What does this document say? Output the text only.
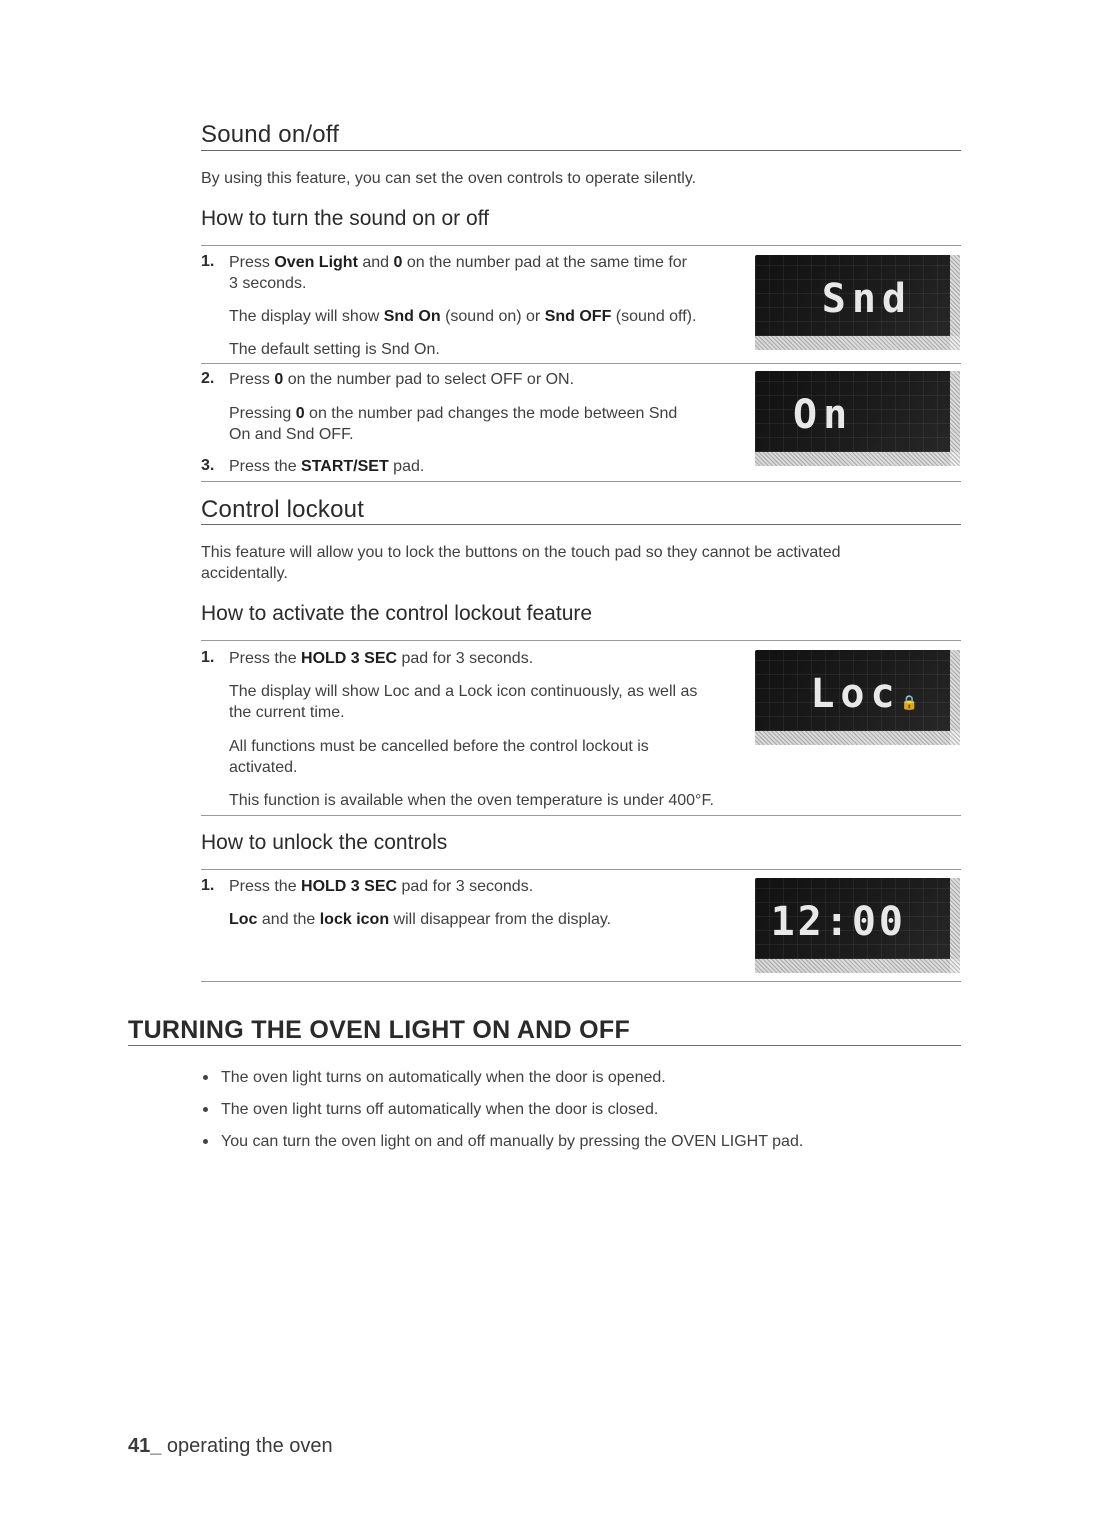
Sound on/off
By using this feature, you can set the oven controls to operate silently.
How to turn the sound on or off
1. Press Oven Light and 0 on the number pad at the same time for
3 seconds.
The display will show Snd On (sound on) or Snd OFF (sound off).
The default setting is Snd On.
2. Press 0 on the number pad to select OFF or ON.
Pressing 0 on the number pad changes the mode between Snd
On and Snd OFF.
3. Press the START/SET pad.
Snd
On
Control lockout
This feature will allow you to lock the buttons on the touch pad so they cannot be activated
accidentally.
How to activate the control lockout feature
1. Press the HOLD 3 SEC pad for 3 seconds.
The display will show Loc and a Lock icon continuously, as well as
the current time.
All functions must be cancelled before the control lockout is
activated.
This function is available when the oven temperature is under 400°F.
Loc🔒
How to unlock the controls
1. Press the HOLD 3 SEC pad for 3 seconds.
Loc and the lock icon will disappear from the display.	12:00
TURNING THE OVEN LIGHT ON AND OFF
The oven light turns on automatically when the door is opened.
The oven light turns off automatically when the door is closed.
You can turn the oven light on and off manually by pressing the OVEN LIGHT pad.
41_ operating the oven
